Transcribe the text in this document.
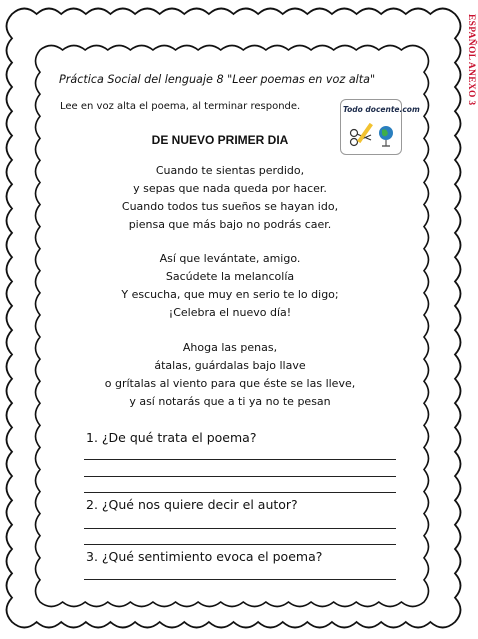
ESPAÑOL ANEXO 3
Práctica Social del lenguaje 8 "Leer poemas en voz alta"
Lee en voz alta el poema, al terminar responde.	Todo docente.com
DE NUEVO PRIMER DIA
Cuando te sientas perdido,
y sepas que nada queda por hacer.
Cuando todos tus sueños se hayan ido,
piensa que más bajo no podrás caer.
Así que levántate, amigo.
Sacúdete la melancolía
Y escucha, que muy en serio te lo digo;
¡Celebra el nuevo día!
Ahoga las penas,
átalas, guárdalas bajo llave
o grítalas al viento para que éste se las lleve,
y así notarás que a ti ya no te pesan
1. ¿De qué trata el poema?
2. ¿Qué nos quiere decir el autor?
3. ¿Qué sentimiento evoca el poema?
